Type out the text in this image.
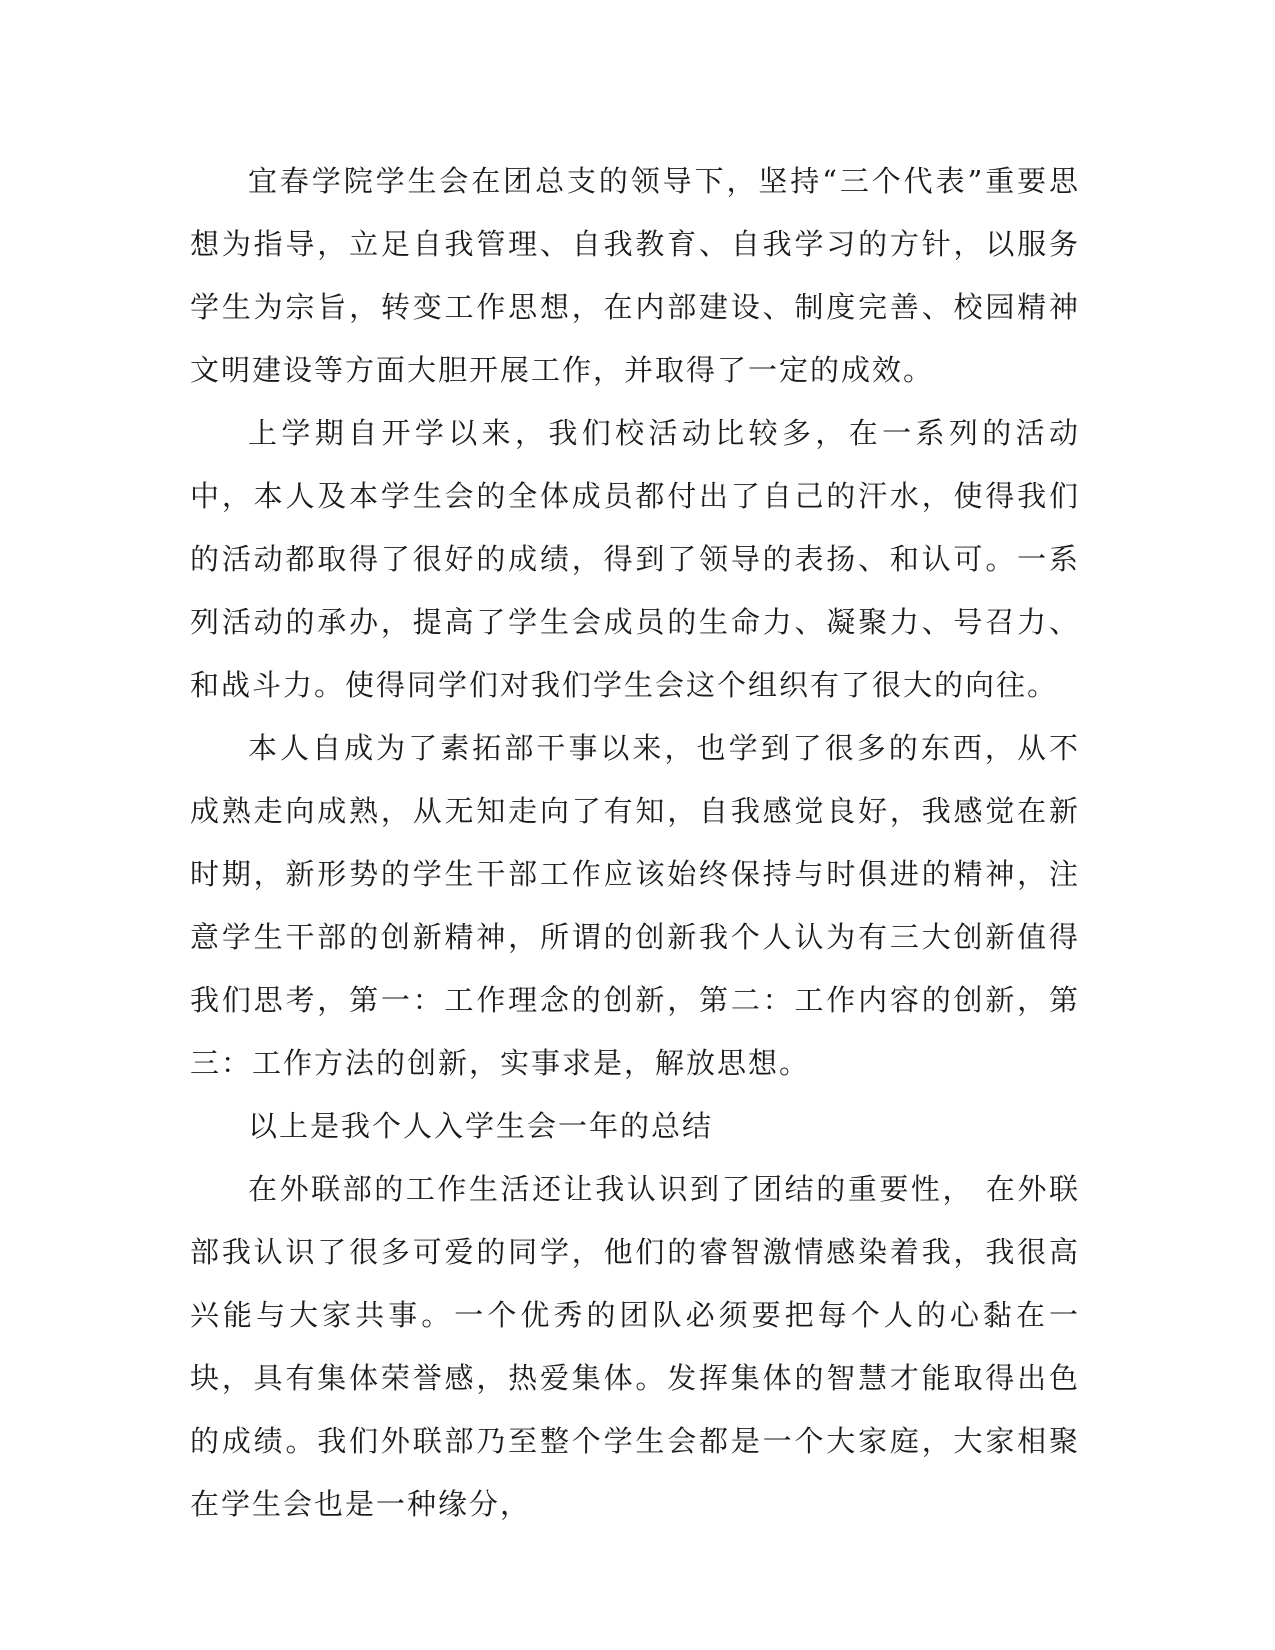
宜春学院学生会在团总支的领导下，坚持“三个代表”重要思想为指导，立足自我管理、自我教育、自我学习的方针，以服务学生为宗旨，转变工作思想，在内部建设、制度完善、校园精神文明建设等方面大胆开展工作，并取得了一定的成效。

上学期自开学以来，我们校活动比较多，在一系列的活动中，本人及本学生会的全体成员都付出了自己的汗水，使得我们的活动都取得了很好的成绩，得到了领导的表扬、和认可。一系列活动的承办，提高了学生会成员的生命力、凝聚力、号召力、和战斗力。使得同学们对我们学生会这个组织有了很大的向往。

本人自成为了素拓部干事以来，也学到了很多的东西，从不成熟走向成熟，从无知走向了有知，自我感觉良好，我感觉在新时期，新形势的学生干部工作应该始终保持与时俱进的精神，注意学生干部的创新精神，所谓的创新我个人认为有三大创新值得我们思考，第一：工作理念的创新，第二：工作内容的创新，第三：工作方法的创新，实事求是，解放思想。

以上是我个人入学生会一年的总结

在外联部的工作生活还让我认识到了团结的重要性， 在外联部我认识了很多可爱的同学，他们的睿智激情感染着我，我很高兴能与大家共事。一个优秀的团队必须要把每个人的心黏在一块，具有集体荣誉感，热爱集体。发挥集体的智慧才能取得出色的成绩。我们外联部乃至整个学生会都是一个大家庭，大家相聚在学生会也是一种缘分，
